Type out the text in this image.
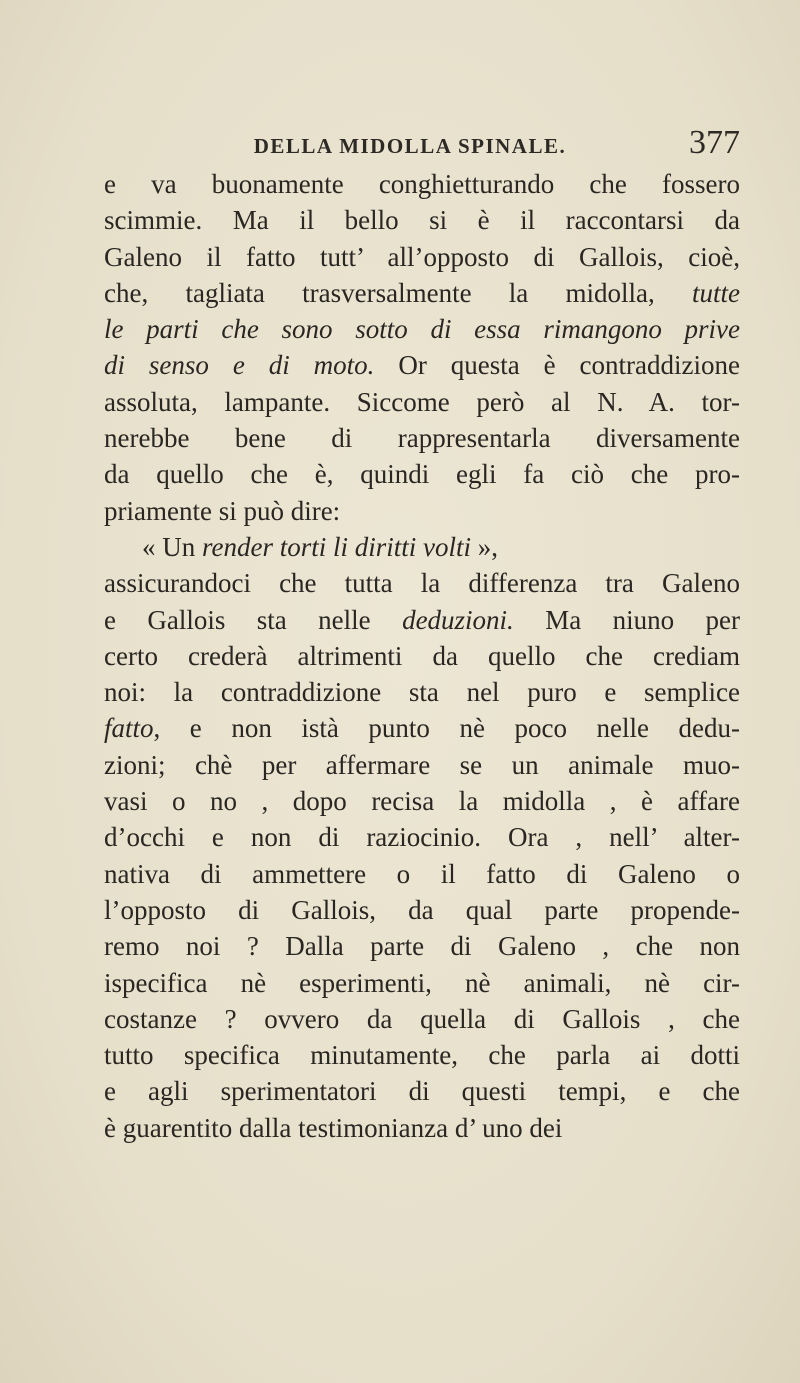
DELLA MIDOLLA SPINALE.	377
e va buonamente conghietturando che fossero
scimmie. Ma il bello si è il raccontarsi da
Galeno il fatto tutt’ all’opposto di Gallois, cioè,
che, tagliata trasversalmente la midolla, tutte
le parti che sono sotto di essa rimangono prive
di senso e di moto. Or questa è contraddizione
assoluta, lampante. Siccome però al N. A. tor-
nerebbe bene di rappresentarla diversamente
da quello che è, quindi egli fa ciò che pro-
priamente si può dire:
« Un render torti li diritti volti »,
assicurandoci che tutta la differenza tra Galeno
e Gallois sta nelle deduzioni. Ma niuno per
certo crederà altrimenti da quello che crediam
noi: la contraddizione sta nel puro e semplice
fatto, e non istà punto nè poco nelle dedu-
zioni; chè per affermare se un animale muo-
vasi o no , dopo recisa la midolla , è affare
d’occhi e non di raziocinio. Ora , nell’ alter-
nativa di ammettere o il fatto di Galeno o
l’opposto di Gallois, da qual parte propende-
remo noi ? Dalla parte di Galeno , che non
ispecifica nè esperimenti, nè animali, nè cir-
costanze ? ovvero da quella di Gallois , che
tutto specifica minutamente, che parla ai dotti
e agli sperimentatori di questi tempi, e che
è guarentito dalla testimonianza d’ uno dei
